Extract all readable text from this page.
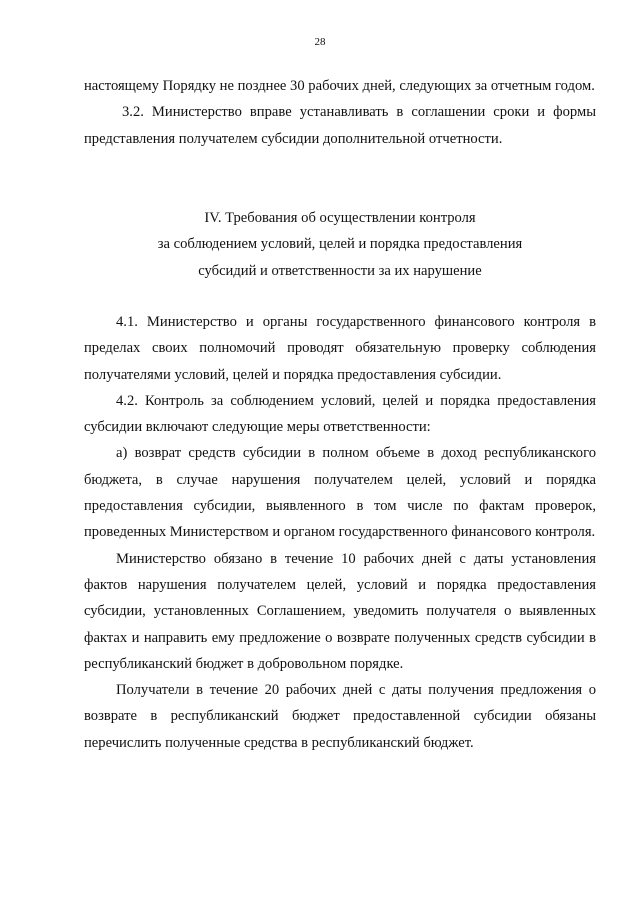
28

настоящему Порядку не позднее 30 рабочих дней, следующих за отчетным годом.

3.2. Министерство вправе устанавливать в соглашении сроки и формы представления получателем субсидии дополнительной отчетности.

IV. Требования об осуществлении контроля
за соблюдением условий, целей и порядка предоставления
субсидий и ответственности за их нарушение

4.1. Министерство и органы государственного финансового контроля в пределах своих полномочий проводят обязательную проверку соблюдения получателями условий, целей и порядка предоставления субсидии.

4.2. Контроль за соблюдением условий, целей и порядка предоставления субсидии включают следующие меры ответственности:

а) возврат средств субсидии в полном объеме в доход республиканского бюджета, в случае нарушения получателем целей, условий и порядка предоставления субсидии, выявленного в том числе по фактам проверок, проведенных Министерством и органом государственного финансового контроля.

Министерство обязано в течение 10 рабочих дней с даты установления фактов нарушения получателем целей, условий и порядка предоставления субсидии, установленных Соглашением, уведомить получателя о выявленных фактах и направить ему предложение о возврате полученных средств субсидии в республиканский бюджет в добровольном порядке.

Получатели в течение 20 рабочих дней с даты получения предложения о возврате в республиканский бюджет предоставленной субсидии обязаны перечислить полученные средства в республиканский бюджет.
